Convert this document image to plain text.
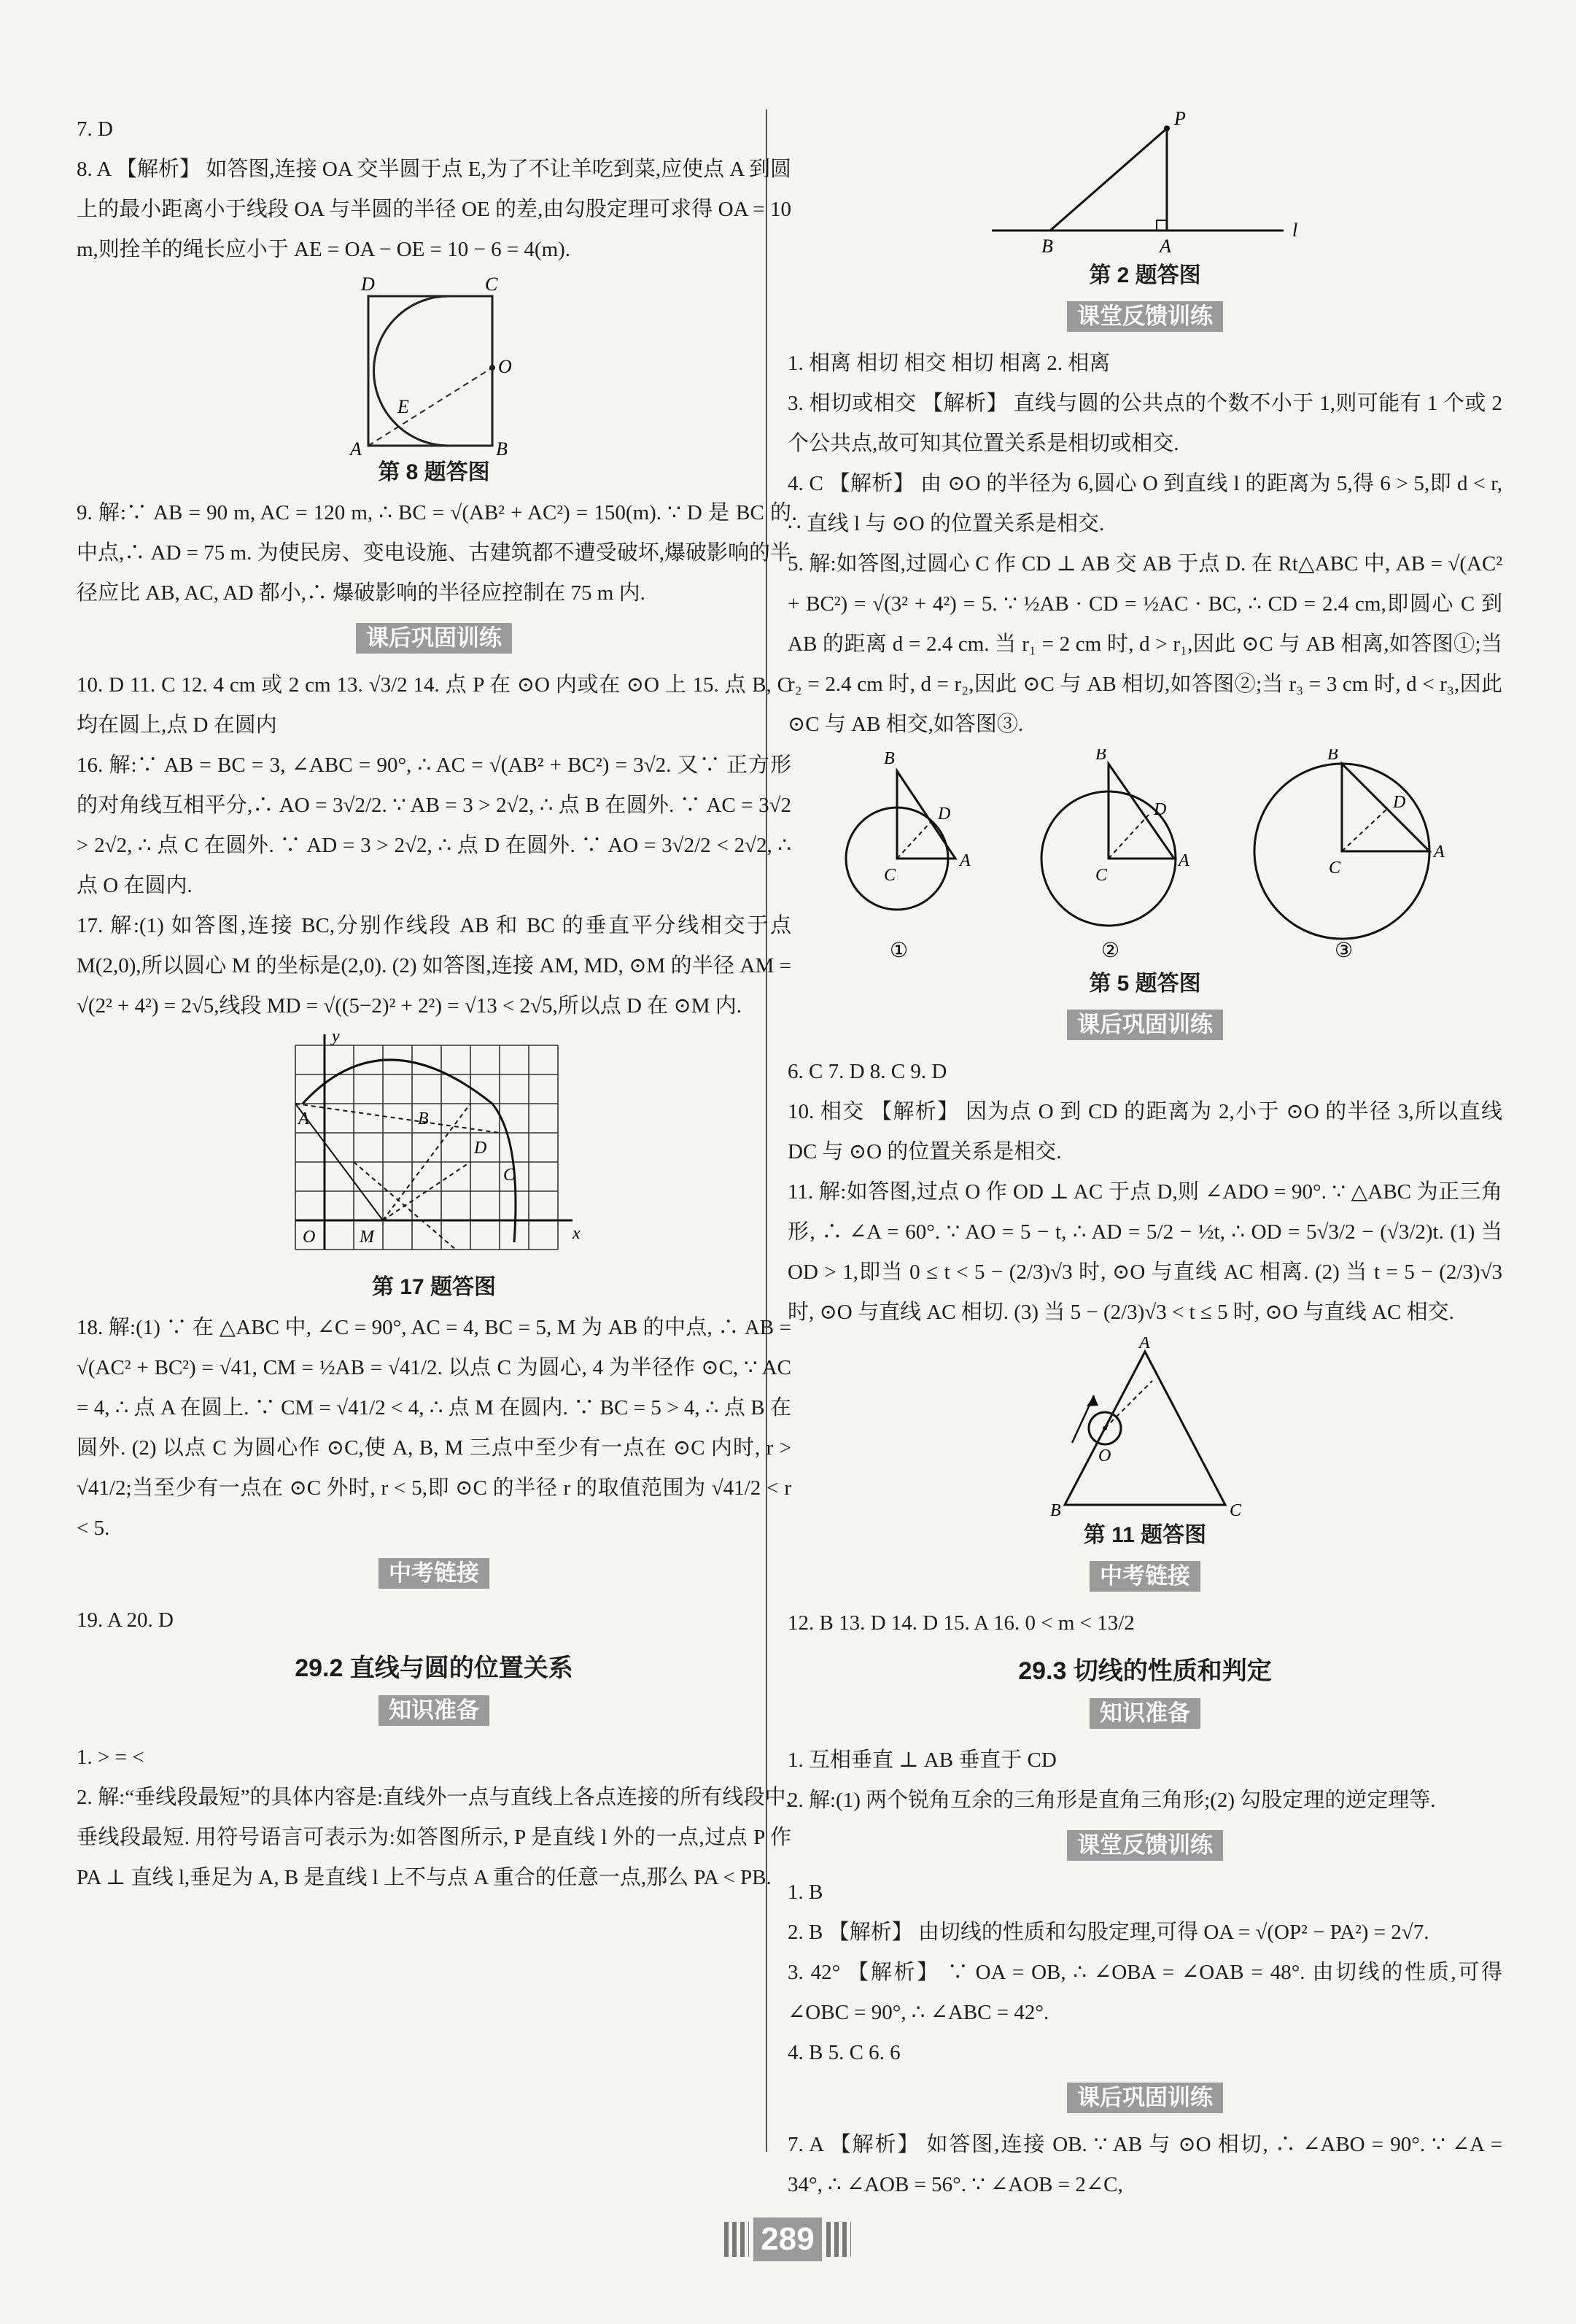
7. D

8. A 【解析】 如答图,连接 OA 交半圆于点 E,为了不让羊吃到菜,应使点 A 到圆上的最小距离小于线段 OA 与半圆的半径 OE 的差,由勾股定理可求得 OA = 10 m,则拴羊的绳长应小于 AE = OA − OE = 10 − 6 = 4(m).

D	C
O
E
A	B
第 8 题答图

9. 解:∵ AB = 90 m, AC = 120 m, ∴ BC = √(AB² + AC²) = 150(m). ∵ D 是 BC 的中点,∴ AD = 75 m. 为使民房、变电设施、古建筑都不遭受破坏,爆破影响的半径应比 AB, AC, AD 都小,∴ 爆破影响的半径应控制在 75 m 内.

课后巩固训练

10. D 11. C 12. 4 cm 或 2 cm 13. √3/2 14. 点 P 在 ⊙O 内或在 ⊙O 上 15. 点 B, C 均在圆上,点 D 在圆内

16. 解:∵ AB = BC = 3, ∠ABC = 90°, ∴ AC = √(AB² + BC²) = 3√2. 又∵ 正方形的对角线互相平分,∴ AO = 3√2/2. ∵ AB = 3 > 2√2, ∴ 点 B 在圆外. ∵ AC = 3√2 > 2√2, ∴ 点 C 在圆外. ∵ AD = 3 > 2√2, ∴ 点 D 在圆外. ∵ AO = 3√2/2 < 2√2, ∴ 点 O 在圆内.

17. 解:(1) 如答图,连接 BC,分别作线段 AB 和 BC 的垂直平分线相交于点 M(2,0),所以圆心 M 的坐标是(2,0). (2) 如答图,连接 AM, MD, ⊙M 的半径 AM = √(2² + 4²) = 2√5,线段 MD = √((5−2)² + 2²) = √13 < 2√5,所以点 D 在 ⊙M 内.

y
x
A	B
C
D
O	M
第 17 题答图

18. 解:(1) ∵ 在 △ABC 中, ∠C = 90°, AC = 4, BC = 5, M 为 AB 的中点, ∴ AB = √(AC² + BC²) = √41, CM = ½AB = √41/2. 以点 C 为圆心, 4 为半径作 ⊙C, ∵ AC = 4, ∴ 点 A 在圆上. ∵ CM = √41/2 < 4, ∴ 点 M 在圆内. ∵ BC = 5 > 4, ∴ 点 B 在圆外. (2) 以点 C 为圆心作 ⊙C,使 A, B, M 三点中至少有一点在 ⊙C 内时, r > √41/2;当至少有一点在 ⊙C 外时, r < 5,即 ⊙C 的半径 r 的取值范围为 √41/2 < r < 5.

中考链接

19. A 20. D

29.2 直线与圆的位置关系
知识准备

1. > = <

2. 解:“垂线段最短”的具体内容是:直线外一点与直线上各点连接的所有线段中,垂线段最短. 用符号语言可表示为:如答图所示, P 是直线 l 外的一点,过点 P 作 PA ⊥ 直线 l,垂足为 A, B 是直线 l 上不与点 A 重合的任意一点,那么 PA < PB.

P
B	A
l
第 2 题答图
课堂反馈训练

1. 相离 相切 相交 相切 相离 2. 相离

3. 相切或相交 【解析】 直线与圆的公共点的个数不小于 1,则可能有 1 个或 2 个公共点,故可知其位置关系是相切或相交.

4. C 【解析】 由 ⊙O 的半径为 6,圆心 O 到直线 l 的距离为 5,得 6 > 5,即 d < r, ∴ 直线 l 与 ⊙O 的位置关系是相交.

5. 解:如答图,过圆心 C 作 CD ⊥ AB 交 AB 于点 D. 在 Rt△ABC 中, AB = √(AC² + BC²) = √(3² + 4²) = 5. ∵ ½AB · CD = ½AC · BC, ∴ CD = 2.4 cm,即圆心 C 到 AB 的距离 d = 2.4 cm. 当 r₁ = 2 cm 时, d > r₁,因此 ⊙C 与 AB 相离,如答图①;当 r₂ = 2.4 cm 时, d = r₂,因此 ⊙C 与 AB 相切,如答图②;当 r₃ = 3 cm 时, d < r₃,因此 ⊙C 与 AB 相交,如答图③.

B
A
D
C
①
B
A
D
C
②
B
A
D
C
③
第 5 题答图
课后巩固训练

6. C 7. D 8. C 9. D

10. 相交 【解析】 因为点 O 到 CD 的距离为 2,小于 ⊙O 的半径 3,所以直线 DC 与 ⊙O 的位置关系是相交.

11. 解:如答图,过点 O 作 OD ⊥ AC 于点 D,则 ∠ADO = 90°. ∵ △ABC 为正三角形, ∴ ∠A = 60°. ∵ AO = 5 − t, ∴ AD = 5/2 − ½t, ∴ OD = 5√3/2 − (√3/2)t. (1) 当 OD > 1,即当 0 ≤ t < 5 − (2/3)√3 时, ⊙O 与直线 AC 相离. (2) 当 t = 5 − (2/3)√3 时, ⊙O 与直线 AC 相切. (3) 当 5 − (2/3)√3 < t ≤ 5 时, ⊙O 与直线 AC 相交.

A
B	C
O
第 11 题答图
中考链接

12. B 13. D 14. D 15. A 16. 0 < m < 13/2

29.3 切线的性质和判定
知识准备

1. 互相垂直 ⊥ AB 垂直于 CD

2. 解:(1) 两个锐角互余的三角形是直角三角形;(2) 勾股定理的逆定理等.

课堂反馈训练

1. B

2. B 【解析】 由切线的性质和勾股定理,可得 OA = √(OP² − PA²) = 2√7.

3. 42° 【解析】 ∵ OA = OB, ∴ ∠OBA = ∠OAB = 48°. 由切线的性质,可得 ∠OBC = 90°, ∴ ∠ABC = 42°.

4. B 5. C 6. 6

课后巩固训练

7. A 【解析】 如答图,连接 OB. ∵ AB 与 ⊙O 相切, ∴ ∠ABO = 90°. ∵ ∠A = 34°, ∴ ∠AOB = 56°. ∵ ∠AOB = 2∠C,

289
